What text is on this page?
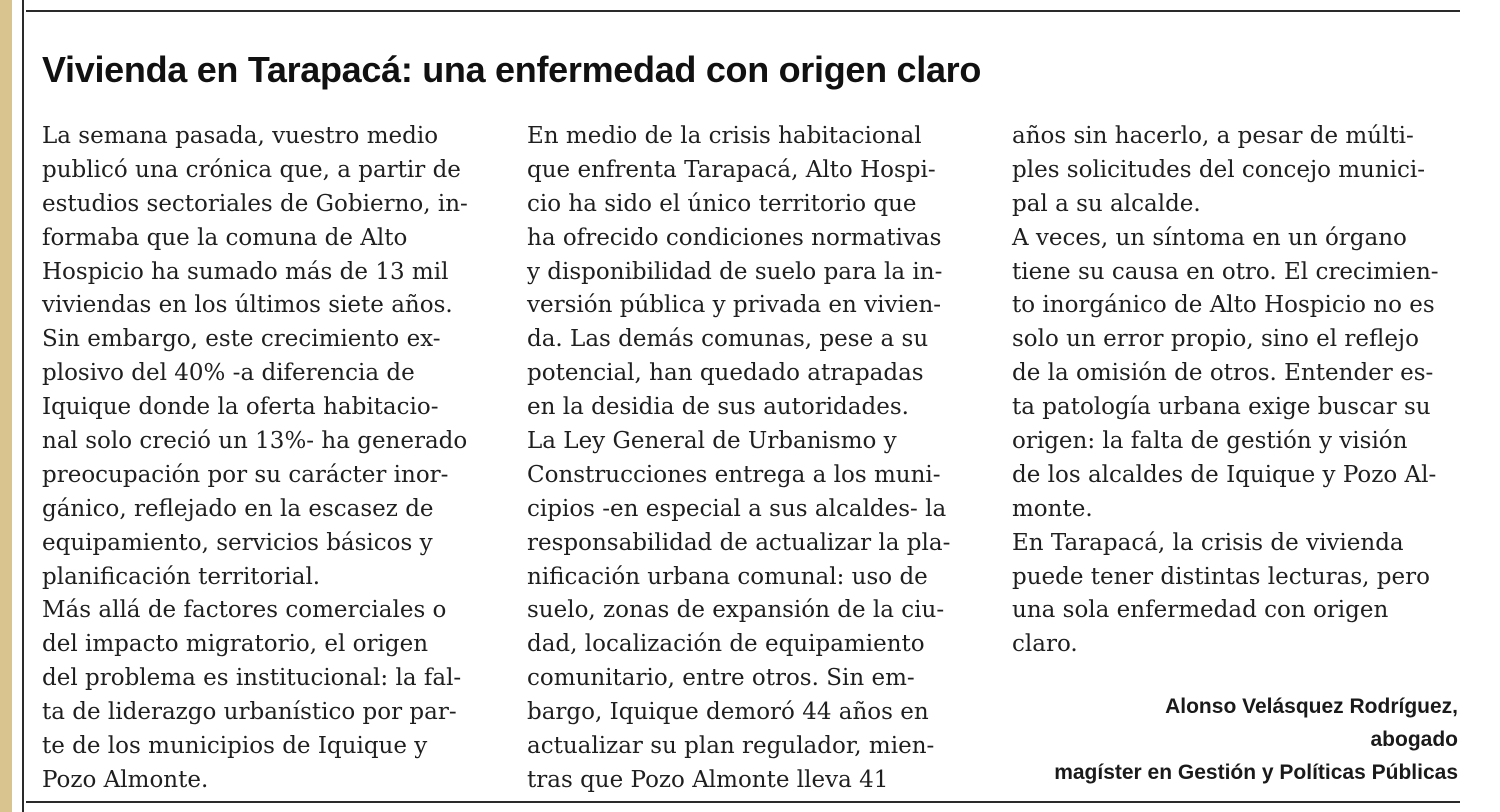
Vivienda en Tarapacá: una enfermedad con origen claro
La semana pasada, vuestro medio
publicó una crónica que, a partir de
estudios sectoriales de Gobierno, in-
formaba que la comuna de Alto
Hospicio ha sumado más de 13 mil
viviendas en los últimos siete años.
Sin embargo, este crecimiento ex-
plosivo del 40% -a diferencia de
Iquique donde la oferta habitacio-
nal solo creció un 13%- ha generado
preocupación por su carácter inor-
gánico, reflejado en la escasez de
equipamiento, servicios básicos y
planificación territorial.
Más allá de factores comerciales o
del impacto migratorio, el origen
del problema es institucional: la fal-
ta de liderazgo urbanístico por par-
te de los municipios de Iquique y
Pozo Almonte.
En medio de la crisis habitacional
que enfrenta Tarapacá, Alto Hospi-
cio ha sido el único territorio que
ha ofrecido condiciones normativas
y disponibilidad de suelo para la in-
versión pública y privada en vivien-
da. Las demás comunas, pese a su
potencial, han quedado atrapadas
en la desidia de sus autoridades.
La Ley General de Urbanismo y
Construcciones entrega a los muni-
cipios -en especial a sus alcaldes- la
responsabilidad de actualizar la pla-
nificación urbana comunal: uso de
suelo, zonas de expansión de la ciu-
dad, localización de equipamiento
comunitario, entre otros. Sin em-
bargo, Iquique demoró 44 años en
actualizar su plan regulador, mien-
tras que Pozo Almonte lleva 41
años sin hacerlo, a pesar de múlti-
ples solicitudes del concejo munici-
pal a su alcalde.
A veces, un síntoma en un órgano
tiene su causa en otro. El crecimien-
to inorgánico de Alto Hospicio no es
solo un error propio, sino el reflejo
de la omisión de otros. Entender es-
ta patología urbana exige buscar su
origen: la falta de gestión y visión
de los alcaldes de Iquique y Pozo Al-
monte.
En Tarapacá, la crisis de vivienda
puede tener distintas lecturas, pero
una sola enfermedad con origen
claro.
Alonso Velásquez Rodríguez,
abogado
magíster en Gestión y Políticas Públicas
